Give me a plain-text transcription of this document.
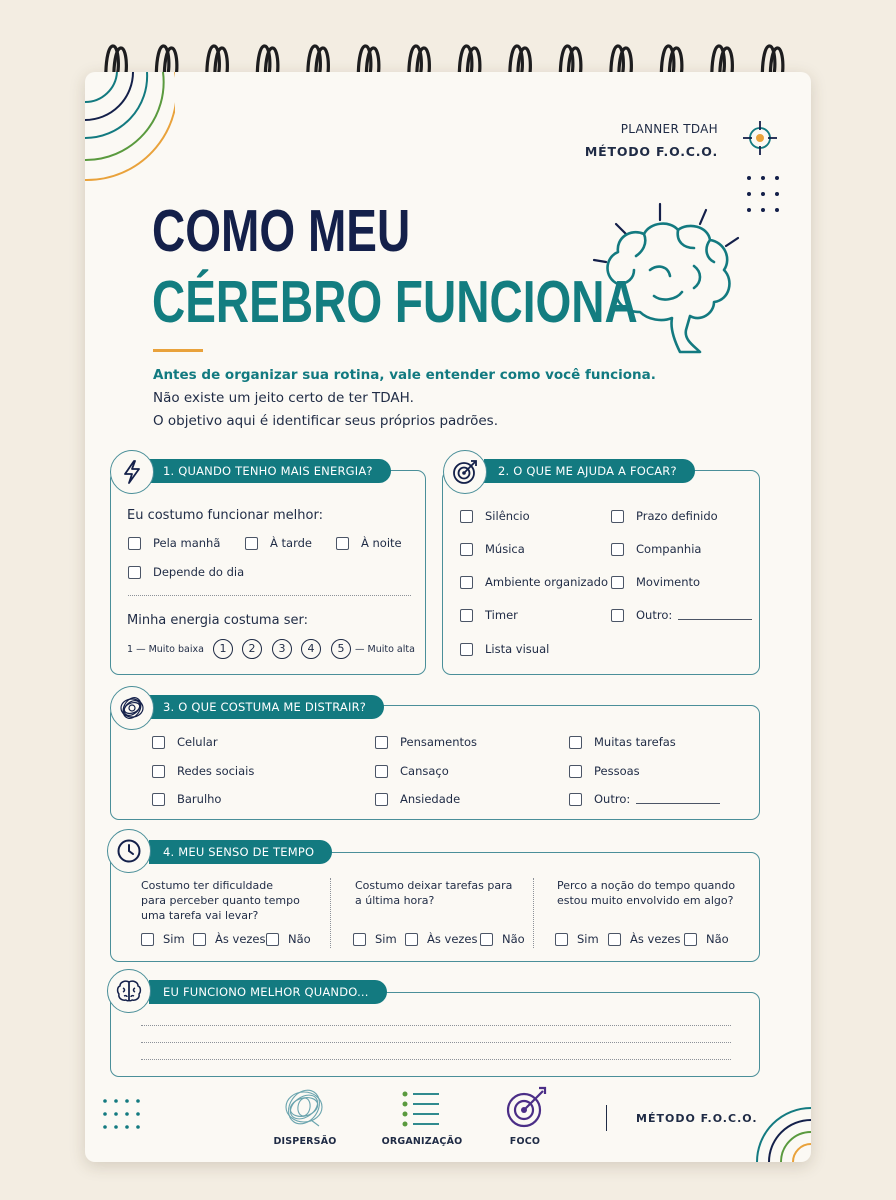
PLANNER TDAH
MÉTODO F.O.C.O.
COMO MEU
CÉREBRO FUNCIONA
Antes de organizar sua rotina, vale entender como você funciona.
Não existe um jeito certo de ter TDAH.
O objetivo aqui é identificar seus próprios padrões.
1. QUANDO TENHO MAIS ENERGIA?
Eu costumo funcionar melhor:
Pela manhã	À tarde	À noite
Depende do dia
Minha energia costuma ser:
1 — Muito baixa	1	2	3	4	5	— Muito alta
2. O QUE ME AJUDA A FOCAR?
Silêncio
Música
Ambiente organizado
Timer
Lista visual
Prazo definido
Companhia
Movimento
Outro:
3. O QUE COSTUMA ME DISTRAIR?
Celular
Redes sociais
Barulho
Pensamentos
Cansaço
Ansiedade
Muitas tarefas
Pessoas
Outro:
4. MEU SENSO DE TEMPO
Costumo ter dificuldade para perceber quanto tempo uma tarefa vai levar?
Costumo deixar tarefas para a última hora?
Perco a noção do tempo quando estou muito envolvido em algo?
Sim	Às vezes Não	Sim	Às vezes Não	Sim	Às vezes Não
EU FUNCIONO MELHOR QUANDO...
DISPERSÃO	ORGANIZAÇÃO	FOCO
MÉTODO F.O.C.O.
